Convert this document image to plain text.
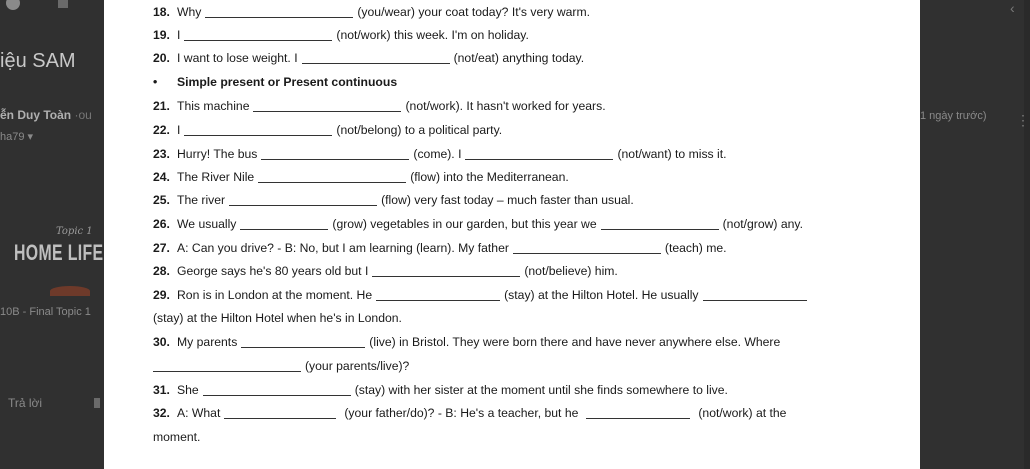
iệu SAM
ễn Duy Toàn ·ou
ha79 ▾
Topic 1
HOME LIFE
10B - Final Topic 1
Trả lời
1 ngày trước)
‹
⋮
18. Why	(you/wear) your coat today? It's very warm.
19. I	(not/work) this week. I'm on holiday.
20. I want to lose weight. I	(not/eat) anything today.
• Simple present or Present continuous
21. This machine	(not/work). It hasn't worked for years.
22. I	(not/belong) to a political party.
23. Hurry! The bus	(come). I	(not/want) to miss it.
24. The River Nile	(flow) into the Mediterranean.
25. The river	(flow) very fast today – much faster than usual.
26. We usually	(grow) vegetables in our garden, but this year we	(not/grow) any.
27. A: Can you drive? - B: No, but I am learning (learn). My father	(teach) me.
28. George says he's 80 years old but I	(not/believe) him.
29. Ron is in London at the moment. He	(stay) at the Hilton Hotel. He usually
(stay) at the Hilton Hotel when he's in London.
30. My parents	(live) in Bristol. They were born there and have never anywhere else. Where
(your parents/live)?
31. She	(stay) with her sister at the moment until she finds somewhere to live.
32. A: What	(your father/do)? - B: He's a teacher, but he	(not/work) at the
moment.
